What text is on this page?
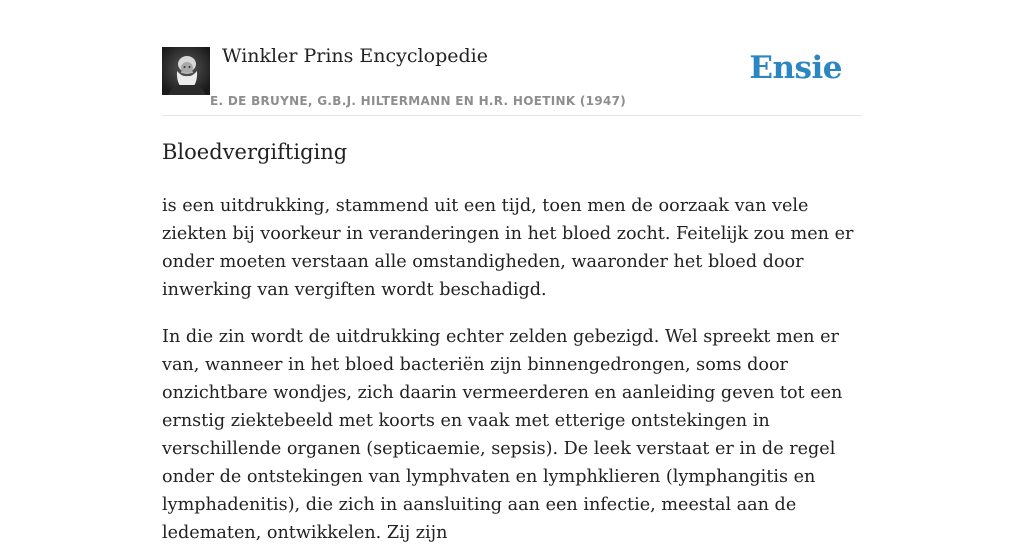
Winkler Prins Encyclopedie
E. DE BRUYNE, G.B.J. HILTERMANN EN H.R. HOETINK (1947)
Ensie
Bloedvergiftiging

is een uitdrukking, stammend uit een tijd, toen men de oorzaak van vele ziekten bij voorkeur in veranderingen in het bloed zocht. Feitelijk zou men er onder moeten verstaan alle omstandigheden, waaronder het bloed door inwerking van vergiften wordt beschadigd.

In die zin wordt de uitdrukking echter zelden gebezigd. Wel spreekt men er van, wanneer in het bloed bacteriën zijn binnengedrongen, soms door onzichtbare wondjes, zich daarin vermeerderen en aanleiding geven tot een ernstig ziektebeeld met koorts en vaak met etterige ontstekingen in verschillende organen (septicaemie, sepsis). De leek verstaat er in de regel onder de ontstekingen van lymphvaten en lymphklieren (lymphangitis en lymphadenitis), die zich in aansluiting aan een infectie, meestal aan de ledematen, ontwikkelen. Zij zijn
